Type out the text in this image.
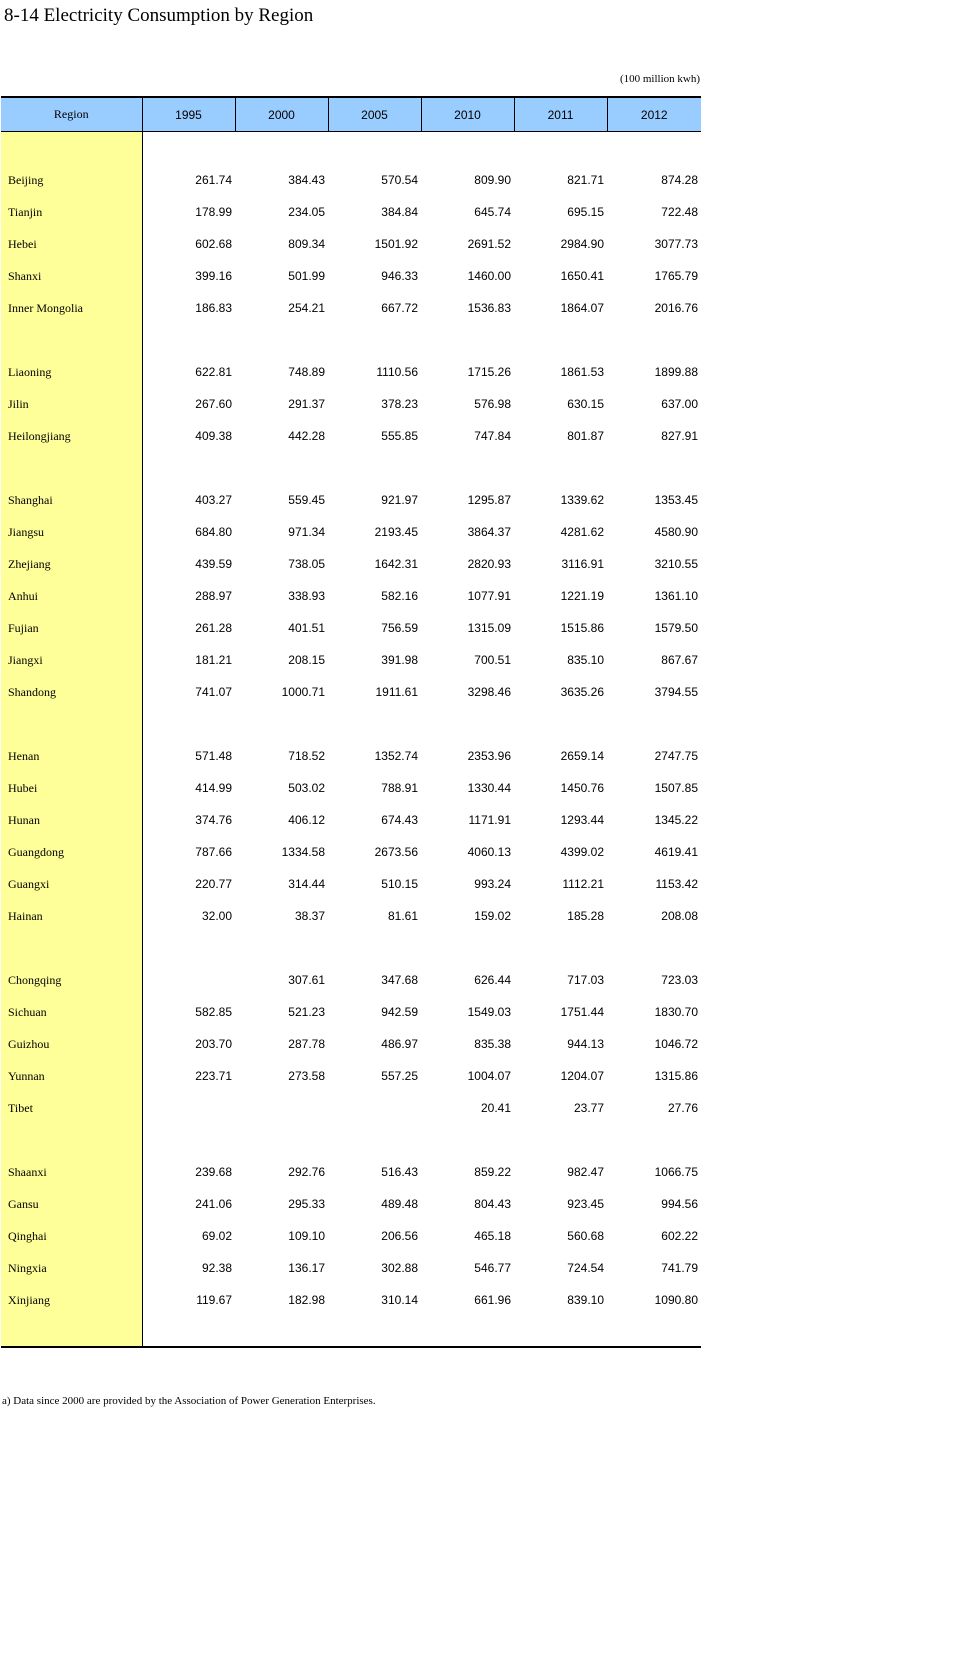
8-14 Electricity Consumption by Region
(100 million kwh)
Region	1995	2000	2005	2010	2011	2012

Beijing	261.74	384.43	570.54	809.90	821.71	874.28
Tianjin	178.99	234.05	384.84	645.74	695.15	722.48
Hebei	602.68	809.34	1501.92	2691.52	2984.90	3077.73
Shanxi	399.16	501.99	946.33	1460.00	1650.41	1765.79
Inner Mongolia	186.83	254.21	667.72	1536.83	1864.07	2016.76

Liaoning	622.81	748.89	1110.56	1715.26	1861.53	1899.88
Jilin	267.60	291.37	378.23	576.98	630.15	637.00
Heilongjiang	409.38	442.28	555.85	747.84	801.87	827.91

Shanghai	403.27	559.45	921.97	1295.87	1339.62	1353.45
Jiangsu	684.80	971.34	2193.45	3864.37	4281.62	4580.90
Zhejiang	439.59	738.05	1642.31	2820.93	3116.91	3210.55
Anhui	288.97	338.93	582.16	1077.91	1221.19	1361.10
Fujian	261.28	401.51	756.59	1315.09	1515.86	1579.50
Jiangxi	181.21	208.15	391.98	700.51	835.10	867.67
Shandong	741.07	1000.71	1911.61	3298.46	3635.26	3794.55

Henan	571.48	718.52	1352.74	2353.96	2659.14	2747.75
Hubei	414.99	503.02	788.91	1330.44	1450.76	1507.85
Hunan	374.76	406.12	674.43	1171.91	1293.44	1345.22
Guangdong	787.66	1334.58	2673.56	4060.13	4399.02	4619.41
Guangxi	220.77	314.44	510.15	993.24	1112.21	1153.42
Hainan	32.00	38.37	81.61	159.02	185.28	208.08

Chongqing		307.61	347.68	626.44	717.03	723.03
Sichuan	582.85	521.23	942.59	1549.03	1751.44	1830.70
Guizhou	203.70	287.78	486.97	835.38	944.13	1046.72
Yunnan	223.71	273.58	557.25	1004.07	1204.07	1315.86
Tibet				20.41	23.77	27.76

Shaanxi	239.68	292.76	516.43	859.22	982.47	1066.75
Gansu	241.06	295.33	489.48	804.43	923.45	994.56
Qinghai	69.02	109.10	206.56	465.18	560.68	602.22
Ningxia	92.38	136.17	302.88	546.77	724.54	741.79
Xinjiang	119.67	182.98	310.14	661.96	839.10	1090.80

a) Data since 2000 are provided by the Association of Power Generation Enterprises.
